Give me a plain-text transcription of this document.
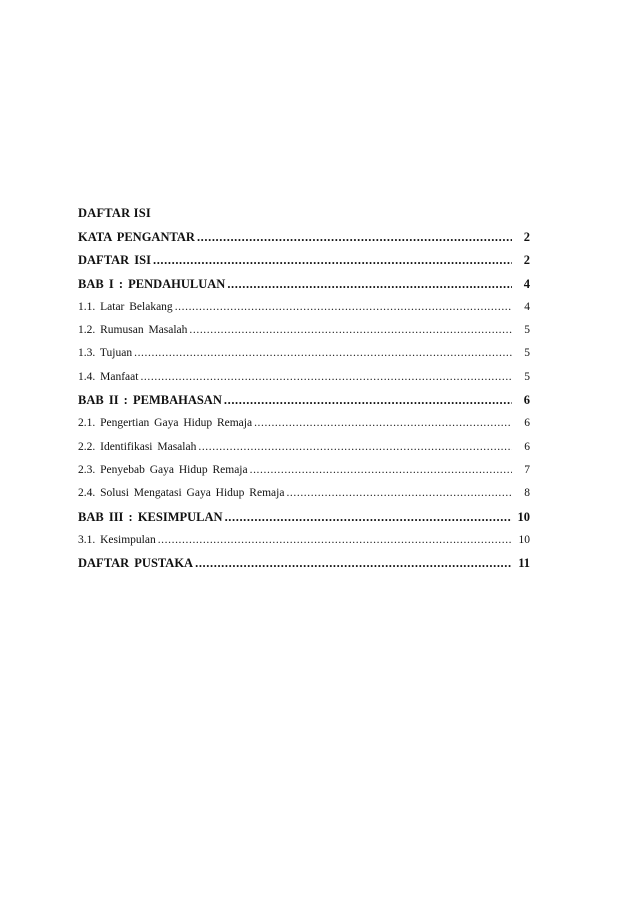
DAFTAR ISI
KATA PENGANTAR .....	2
DAFTAR ISI .....	2
BAB I : PENDAHULUAN .....	4
1.1. Latar Belakang .....	4
1.2. Rumusan Masalah .....	5
1.3. Tujuan .....	5
1.4. Manfaat .....	5
BAB II : PEMBAHASAN .....	6
2.1. Pengertian Gaya Hidup Remaja .....	6
2.2. Identifikasi Masalah .....	6
2.3. Penyebab Gaya Hidup Remaja .....	7
2.4. Solusi Mengatasi Gaya Hidup Remaja .....	8
BAB III : KESIMPULAN .....	10
3.1. Kesimpulan .....	10
DAFTAR PUSTAKA .....	11
